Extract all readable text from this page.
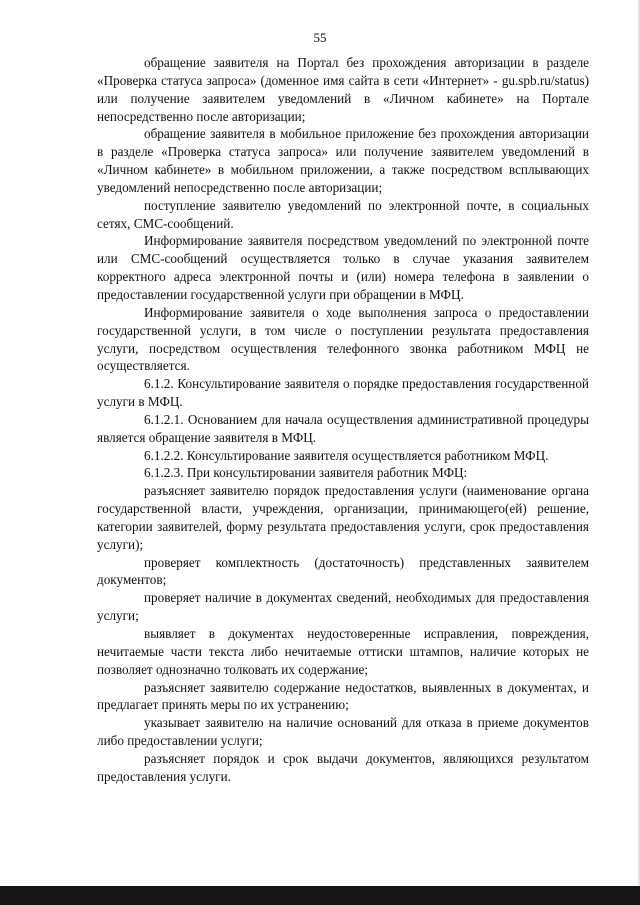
55

обращение заявителя на Портал без прохождения авторизации в разделе «Проверка статуса запроса» (доменное имя сайта в сети «Интернет» - gu.spb.ru/status) или получение заявителем уведомлений в «Личном кабинете» на Портале непосредственно после авторизации;

обращение заявителя в мобильное приложение без прохождения авторизации в разделе «Проверка статуса запроса» или получение заявителем уведомлений в «Личном кабинете» в мобильном приложении, а также посредством всплывающих уведомлений непосредственно после авторизации;

поступление заявителю уведомлений по электронной почте, в социальных сетях, СМС-сообщений.

Информирование заявителя посредством уведомлений по электронной почте или СМС-сообщений осуществляется только в случае указания заявителем корректного адреса электронной почты и (или) номера телефона в заявлении о предоставлении государственной услуги при обращении в МФЦ.

Информирование заявителя о ходе выполнения запроса о предоставлении государственной услуги, в том числе о поступлении результата предоставления услуги, посредством осуществления телефонного звонка работником МФЦ не осуществляется.

6.1.2. Консультирование заявителя о порядке предоставления государственной услуги в МФЦ.

6.1.2.1. Основанием для начала осуществления административной процедуры является обращение заявителя в МФЦ.

6.1.2.2. Консультирование заявителя осуществляется работником МФЦ.

6.1.2.3. При консультировании заявителя работник МФЦ:

разъясняет заявителю порядок предоставления услуги (наименование органа государственной власти, учреждения, организации, принимающего(ей) решение, категории заявителей, форму результата предоставления услуги, срок предоставления услуги);

проверяет комплектность (достаточность) представленных заявителем документов;

проверяет наличие в документах сведений, необходимых для предоставления услуги;

выявляет в документах неудостоверенные исправления, повреждения, нечитаемые части текста либо нечитаемые оттиски штампов, наличие которых не позволяет однозначно толковать их содержание;

разъясняет заявителю содержание недостатков, выявленных в документах, и предлагает принять меры по их устранению;

указывает заявителю на наличие оснований для отказа в приеме документов либо предоставлении услуги;

разъясняет порядок и срок выдачи документов, являющихся результатом предоставления услуги.
